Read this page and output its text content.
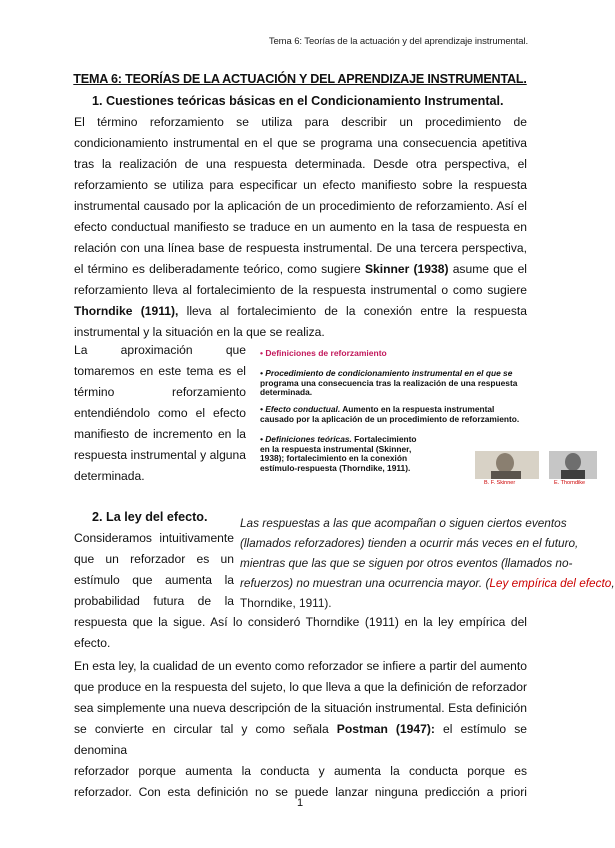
Tema 6: Teorías de la actuación y del aprendizaje instrumental.
TEMA 6: TEORÍAS DE LA ACTUACIÓN Y DEL APRENDIZAJE INSTRUMENTAL.
1. Cuestiones teóricas básicas en el Condicionamiento Instrumental.
El término reforzamiento se utiliza para describir un procedimiento de
condicionamiento instrumental en el que se programa una consecuencia apetitiva
tras la realización de una respuesta determinada. Desde otra perspectiva, el
reforzamiento se utiliza para especificar un efecto manifiesto sobre la respuesta
instrumental causado por la aplicación de un procedimiento de reforzamiento. Así el
efecto conductual manifiesto se traduce en un aumento en la tasa de respuesta en
relación con una línea base de respuesta instrumental. De una tercera perspectiva,
el término es deliberadamente teórico, como sugiere Skinner (1938) asume que el
reforzamiento lleva al fortalecimiento de la respuesta instrumental o como sugiere
Thorndike (1911), lleva al fortalecimiento de la conexión entre la respuesta
instrumental y la situación en la que se realiza.
La aproximación que
tomaremos en este tema es el
término reforzamiento
entendiéndolo como el efecto
manifiesto de incremento en la
respuesta instrumental y alguna
determinada.
• Definiciones de reforzamiento
• Procedimiento de condicionamiento instrumental en el que se
programa una consecuencia tras la realización de una respuesta
determinada.
• Efecto conductual. Aumento en la respuesta instrumental
causado por la aplicación de un procedimiento de reforzamiento.
• Definiciones teóricas. Fortalecimiento
en la respuesta instrumental (Skinner,
1938); fortalecimiento en la conexión
estímulo-respuesta (Thorndike, 1911).
B. F. Skinner	E. Thorndike
2. La ley del efecto.
Consideramos intuitivamente
que un reforzador es un
estímulo que aumenta la
probabilidad futura de la
Las respuestas a las que acompañan o siguen ciertos eventos
(llamados reforzadores) tienden a ocurrir más veces en el futuro,
mientras que las que se siguen por otros eventos (llamados no-
refuerzos) no muestran una ocurrencia mayor. (Ley empírica del efecto,
Thorndike, 1911).
respuesta que la sigue. Así lo consideró Thorndike (1911) en la ley empírica del
efecto.
En esta ley, la cualidad de un evento como reforzador se infiere a partir del aumento
que produce en la respuesta del sujeto, lo que lleva a que la definición de reforzador
sea simplemente una nueva descripción de la situación instrumental. Esta definición
se convierte en circular tal y como señala Postman (1947): el estímulo se denomina
reforzador porque aumenta la conducta y aumenta la conducta porque es
reforzador. Con esta definición no se puede lanzar ninguna predicción a priori
1
